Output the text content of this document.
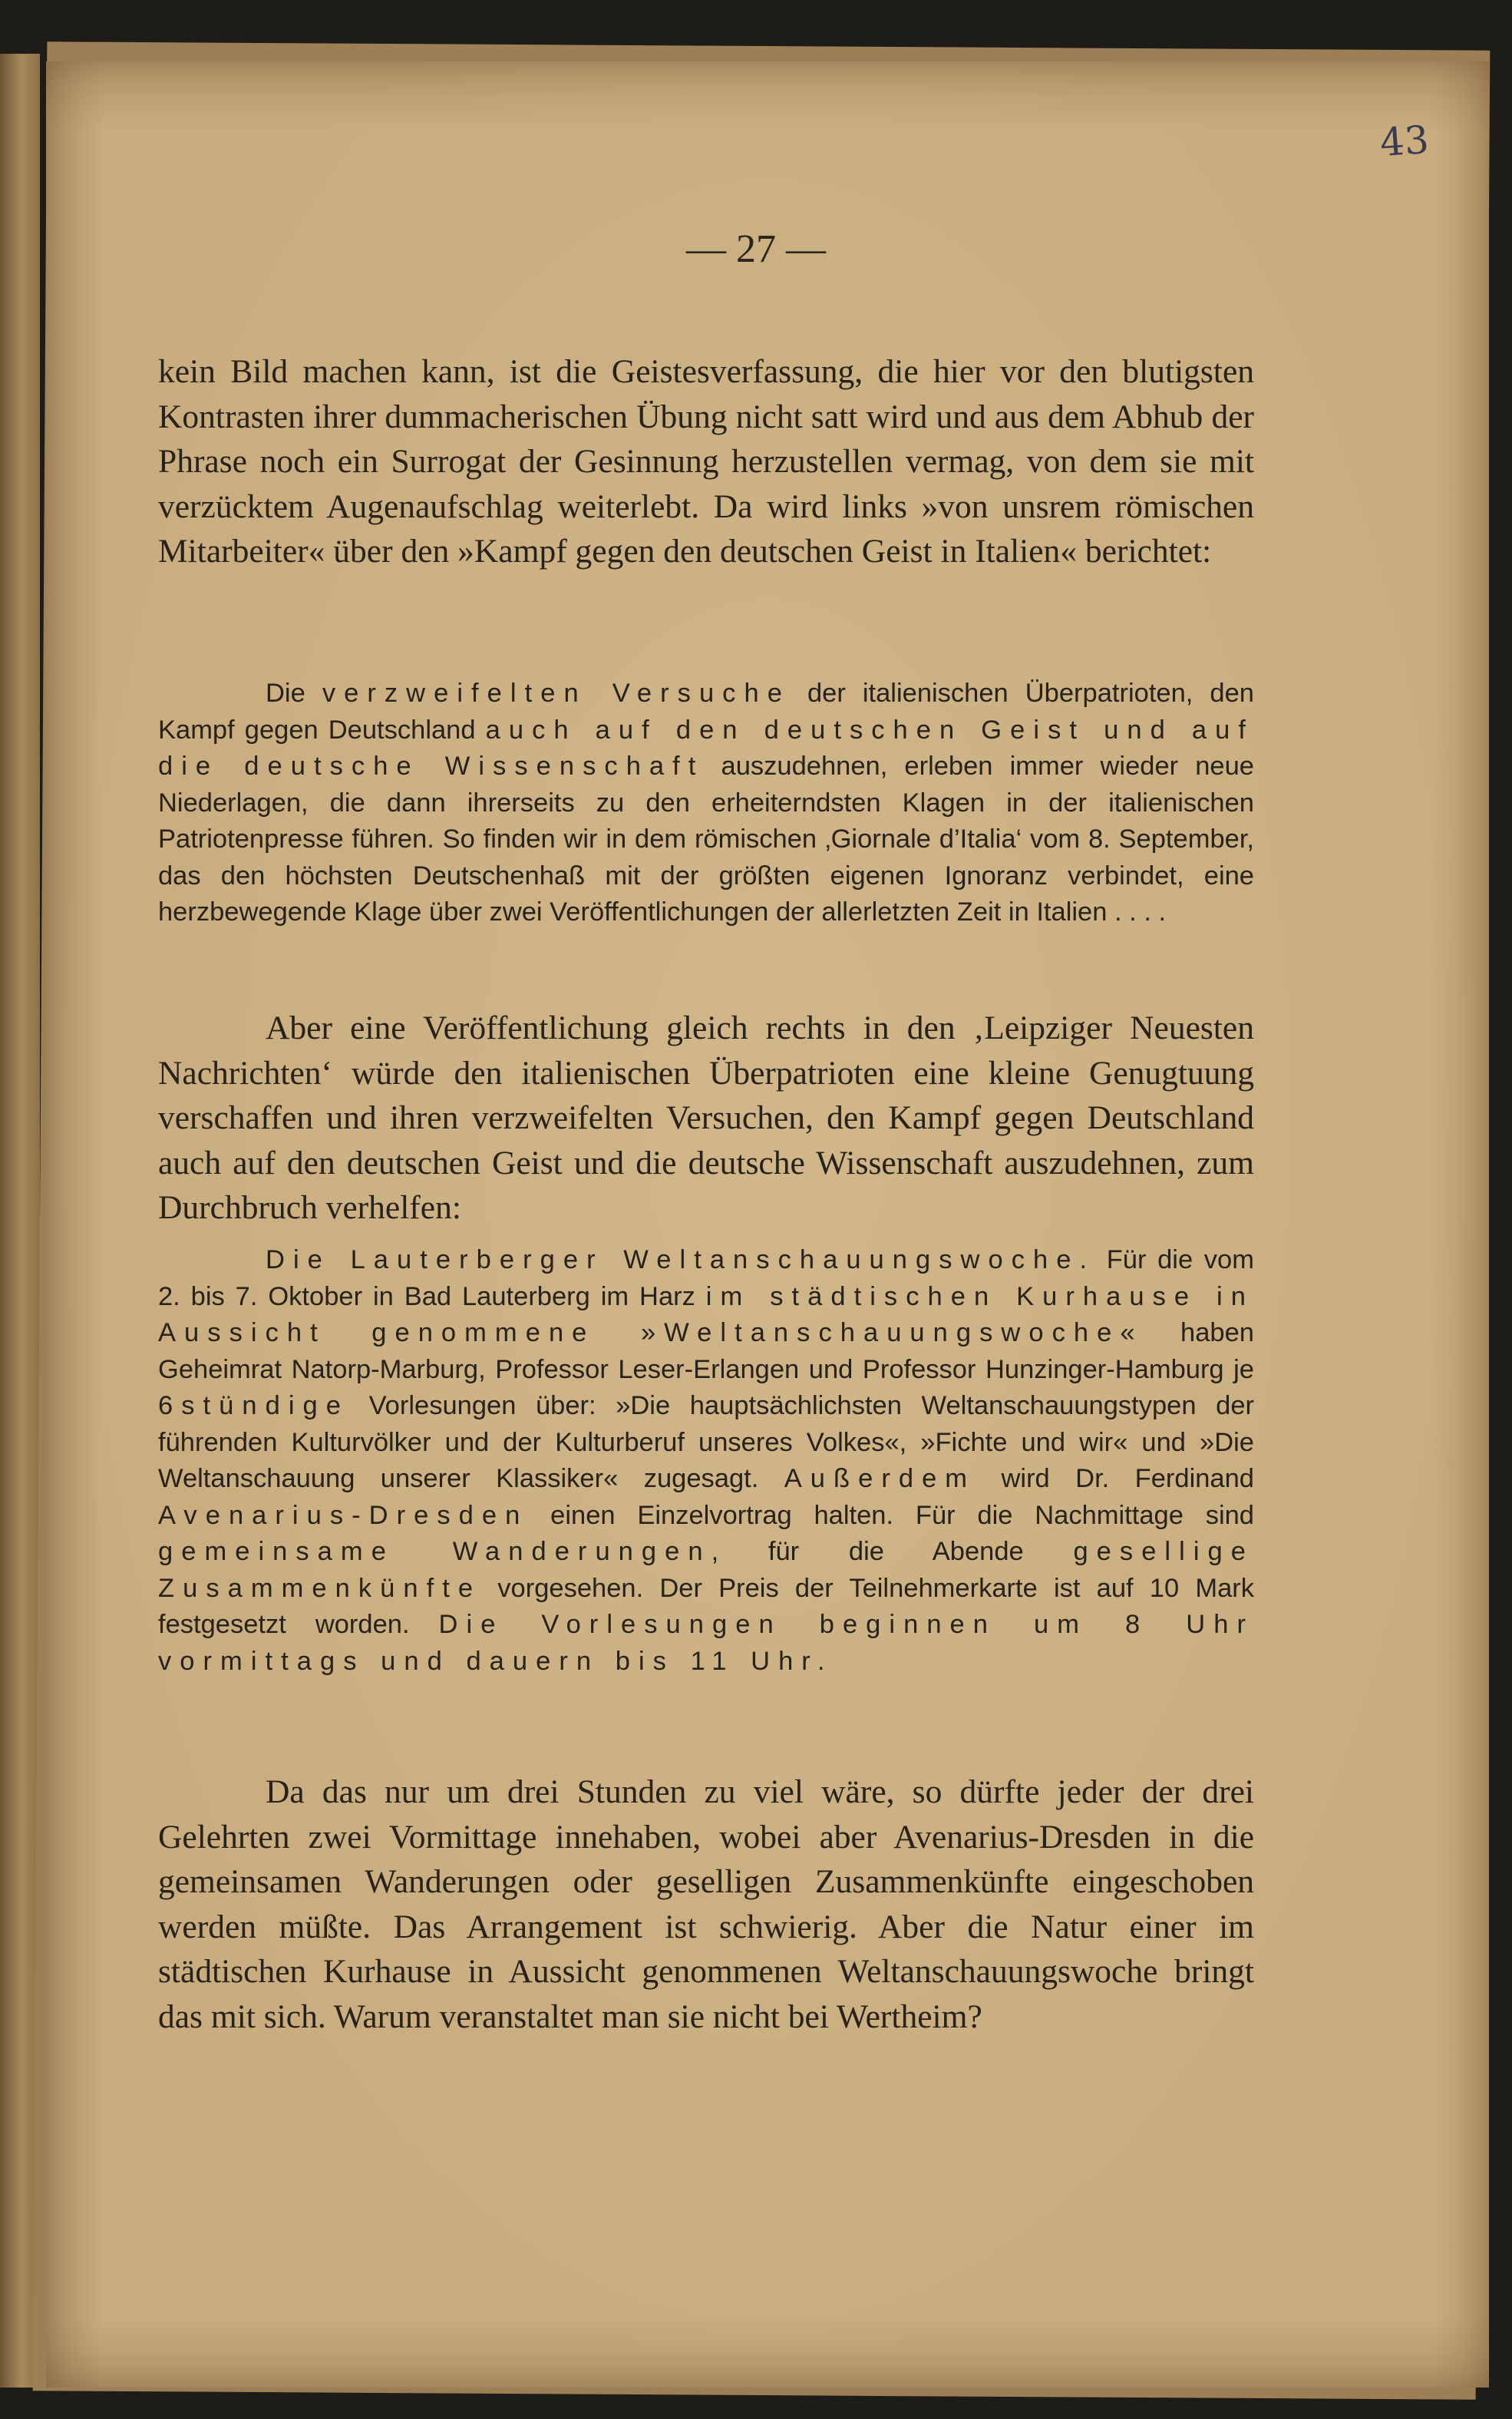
43
— 27 —

kein Bild machen kann, ist die Geistesverfassung, die hier vor den blutigsten Kontrasten ihrer dummacherischen Übung nicht satt wird und aus dem Abhub der Phrase noch ein Surrogat der Gesinnung herzustellen vermag, von dem sie mit verzücktem Augenaufschlag weiterlebt. Da wird links »von unsrem römischen Mitarbeiter« über den »Kampf gegen den deutschen Geist in Italien« berichtet:

Die verzweifelten Versuche der italienischen Überpatrioten, den Kampf gegen Deutschland auch auf den deutschen Geist und auf die deutsche Wissenschaft auszudehnen, erleben immer wieder neue Niederlagen, die dann ihrerseits zu den erheiterndsten Klagen in der italienischen Patriotenpresse führen. So finden wir in dem römischen ‚Giornale d’Italia‘ vom 8. September, das den höchsten Deutschenhaß mit der größten eigenen Ignoranz verbindet, eine herzbewegende Klage über zwei Veröffentlichungen der allerletzten Zeit in Italien . . . .

Aber eine Veröffentlichung gleich rechts in den ‚Leipziger Neuesten Nachrichten‘ würde den italienischen Überpatrioten eine kleine Genugtuung verschaffen und ihren verzweifelten Versuchen, den Kampf gegen Deutschland auch auf den deutschen Geist und die deutsche Wissenschaft auszudehnen, zum Durchbruch verhelfen:

Die Lauterberger Weltanschauungswoche. Für die vom 2. bis 7. Oktober in Bad Lauterberg im Harz im städtischen Kurhause in Aussicht genommene »Weltanschauungswoche« haben Geheimrat Natorp-Marburg, Professor Leser-Erlangen und Professor Hunzinger-Hamburg je 6stündige Vorlesungen über: »Die hauptsächlichsten Weltanschauungstypen der führenden Kulturvölker und der Kulturberuf unseres Volkes«, »Fichte und wir« und »Die Weltanschauung unserer Klassiker« zugesagt. Außerdem wird Dr. Ferdinand Avenarius-Dresden einen Einzelvortrag halten. Für die Nachmittage sind gemeinsame Wanderungen, für die Abende gesellige Zusammenkünfte vorgesehen. Der Preis der Teilnehmerkarte ist auf 10 Mark festgesetzt worden. Die Vorlesungen beginnen um 8 Uhr vormittags und dauern bis 11 Uhr.

Da das nur um drei Stunden zu viel wäre, so dürfte jeder der drei Gelehrten zwei Vormittage innehaben, wobei aber Avenarius-Dresden in die gemeinsamen Wanderungen oder geselligen Zusammenkünfte eingeschoben werden müßte. Das Arrangement ist schwierig. Aber die Natur einer im städtischen Kurhause in Aussicht genommenen Weltanschauungswoche bringt das mit sich. Warum veranstaltet man sie nicht bei Wertheim?
